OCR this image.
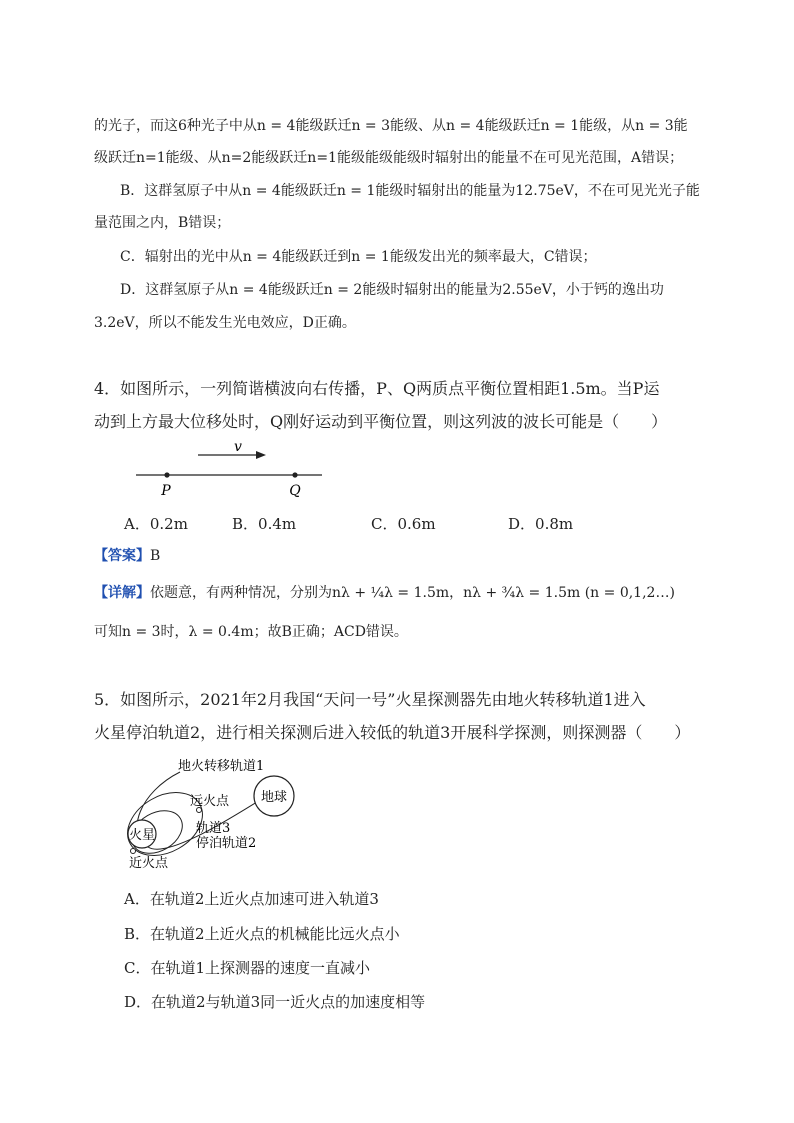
的光子，而这6种光子中从n = 4能级跃迁n = 3能级、从n = 4能级跃迁n = 1能级，从n = 3能
级跃迁n=1能级、从n=2能级跃迁n=1能级能级能级时辐射出的能量不在可见光范围，A错误；
B．这群氢原子中从n = 4能级跃迁n = 1能级时辐射出的能量为12.75eV，不在可见光光子能
量范围之内，B错误；
C．辐射出的光中从n = 4能级跃迁到n = 1能级发出光的频率最大，C错误；
D．这群氢原子从n = 4能级跃迁n = 2能级时辐射出的能量为2.55eV，小于钙的逸出功
3.2eV，所以不能发生光电效应，D正确。
4．如图所示，一列简谐横波向右传播，P、Q两质点平衡位置相距1.5m。当P运
动到上方最大位移处时，Q刚好运动到平衡位置，则这列波的波长可能是（　　）
v
P	Q
A．0.2m	B．0.4m	C．0.6m	D．0.8m
【答案】B
【详解】依题意，有两种情况，分别为nλ + ¼λ = 1.5m，nλ + ¾λ = 1.5m (n = 0,1,2…)
可知n = 3时，λ = 0.4m；故B正确；ACD错误。
5．如图所示，2021年2月我国“天问一号”火星探测器先由地火转移轨道1进入
火星停泊轨道2，进行相关探测后进入较低的轨道3开展科学探测，则探测器（　　）
火星
地球
地火转移轨道1
远火点
轨道3
停泊轨道2
近火点
A．在轨道2上近火点加速可进入轨道3
B．在轨道2上近火点的机械能比远火点小
C．在轨道1上探测器的速度一直减小
D．在轨道2与轨道3同一近火点的加速度相等
